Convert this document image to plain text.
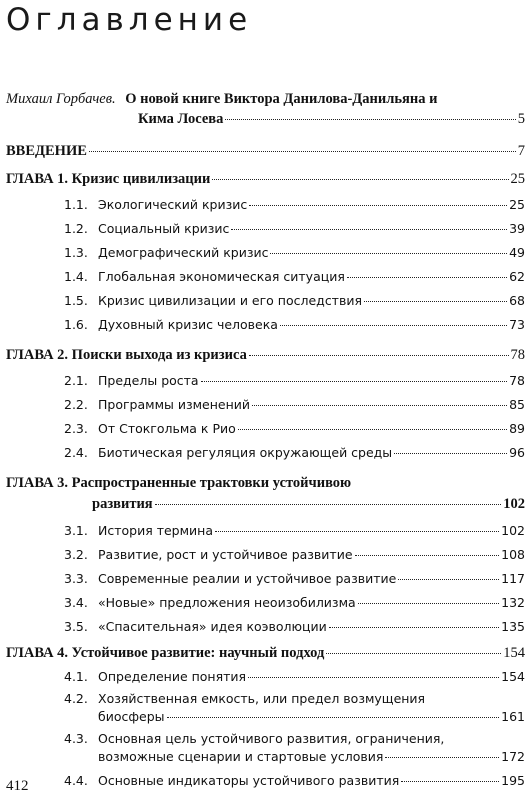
Оглавление
Михаил Горбачев. О новой книге Виктора Данилова-Данильяна и
Кима Лосева	5
ВВЕДЕНИЕ	7
ГЛАВА 1. Кризис цивилизации	25
1.1. Экологический кризис	25
1.2. Социальный кризис	39
1.3. Демографический кризис	49
1.4. Глобальная экономическая ситуация	62
1.5. Кризис цивилизации и его последствия	68
1.6. Духовный кризис человека	73
ГЛАВА 2. Поиски выхода из кризиса	78
2.1. Пределы роста	78
2.2. Программы изменений	85
2.3. От Стокгольма к Рио	89
2.4. Биотическая регуляция окружающей среды	96
ГЛАВА 3. Распространенные трактовки устойчивою
развития	102
3.1. История термина	102
3.2. Развитие, рост и устойчивое развитие	108
3.3. Современные реалии и устойчивое развитие	117
3.4. «Новые» предложения неоизобилизма	132
3.5. «Спасительная» идея коэволюции	135
ГЛАВА 4. Устойчивое развитие: научный подход	154
4.1. Определение понятия	154
4.2. Хозяйственная емкость, или предел возмущения
биосферы	161
4.3. Основная цель устойчивого развития, ограничения,
возможные сценарии и стартовые условия	172
4.4. Основные индикаторы устойчивого развития	195
412
